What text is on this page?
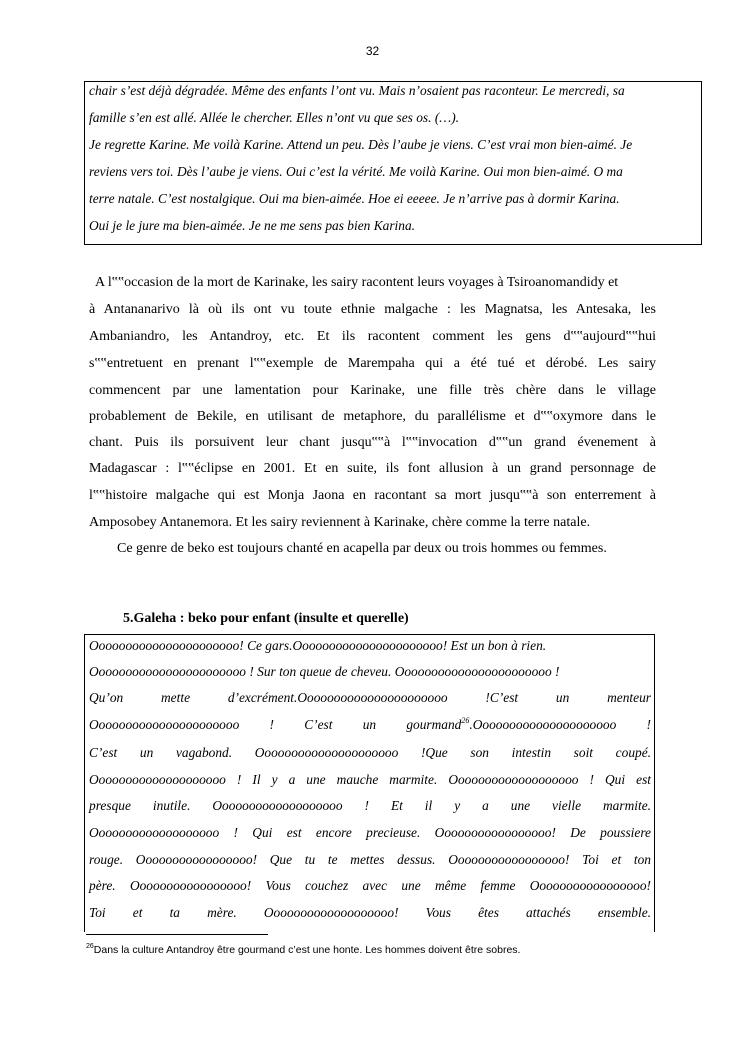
32
chair s’est déjà dégradée. Même des enfants l’ont vu. Mais n’osaient pas raconteur. Le mercredi, sa
famille s’en est allé. Allée le chercher. Elles n’ont vu que ses os. (…).
Je regrette Karine. Me voilà Karine. Attend un peu. Dès l’aube je viens. C’est vrai mon bien-aimé. Je
reviens vers toi. Dès l’aube je viens. Oui c’est la vérité. Me voilà Karine. Oui mon bien-aimé. O ma
terre natale. C’est nostalgique. Oui ma bien-aimée. Hoe ei eeeee. Je n’arrive pas à dormir Karina.
Oui je le jure ma bien-aimée. Je ne me sens pas bien Karina.
A l‟‟occasion de la mort de Karinake, les sairy racontent leurs voyages à Tsiroanomandidy et
à Antananarivo là où ils ont vu toute ethnie malgache : les Magnatsa, les Antesaka, les
Ambaniandro, les Antandroy, etc. Et ils racontent comment les gens d‟‟aujourd‟‟hui
s‟‟entretuent en prenant l‟‟exemple de Marempaha qui a été tué et dérobé. Les sairy
commencent par une lamentation pour Karinake, une fille très chère dans le village
probablement de Bekile, en utilisant de metaphore, du parallélisme et d‟‟oxymore dans le
chant. Puis ils porsuivent leur chant jusqu‟‟à l‟‟invocation d‟‟un grand évenement à
Madagascar : l‟‟éclipse en 2001. Et en suite, ils font allusion à un grand personnage de
l‟‟histoire malgache qui est Monja Jaona en racontant sa mort jusqu‟‟à son enterrement à
Amposobey Antanemora. Et les sairy reviennent à Karinake, chère comme la terre natale.
Ce genre de beko est toujours chanté en acapella par deux ou trois hommes ou femmes.
5.Galeha : beko pour enfant (insulte et querelle)
Oooooooooooooooooooooo! Ce gars.Oooooooooooooooooooooo! Est un bon à rien.
Ooooooooooooooooooooooo ! Sur ton queue de cheveu. Ooooooooooooooooooooooo !
Qu’on mette d’excrément.Oooooooooooooooooooooo !C’est un menteur
Oooooooooooooooooooooo ! C’est un gourmand$^{26}$.Ooooooooooooooooooooo !
C’est un vagabond. Ooooooooooooooooooooo !Que son intestin soit coupé.
Oooooooooooooooooooo ! Il y a une mauche marmite. Ooooooooooooooooooo ! Qui est
presque inutile. Ooooooooooooooooooo ! Et il y a une vielle marmite.
Ooooooooooooooooooo ! Qui est encore precieuse. Ooooooooooooooooo! De poussiere
rouge. Ooooooooooooooooo! Que tu te mettes dessus. Ooooooooooooooooo! Toi et ton
père. Ooooooooooooooooo! Vous couchez avec une même femme Ooooooooooooooooo!
Toi et ta mère. Ooooooooooooooooooo! Vous êtes attachés ensemble.
$^{26}$Dans la culture Antandroy être gourmand c’est une honte. Les hommes doivent être sobres.
